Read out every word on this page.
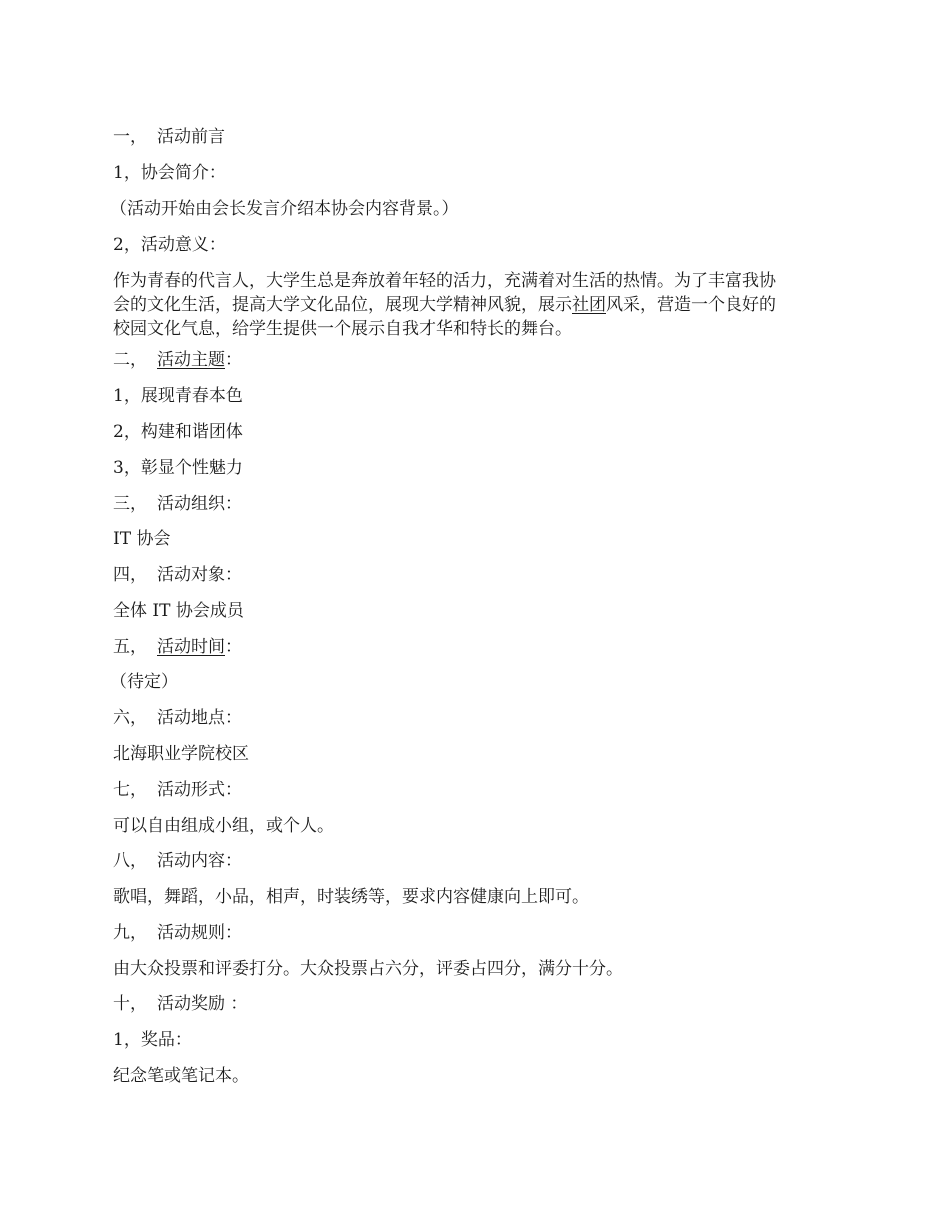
一， 活动前言

1，协会简介：

（活动开始由会长发言介绍本协会内容背景。）

2，活动意义：

作为青春的代言人，大学生总是奔放着年轻的活力，充满着对生活的热情。为了丰富我协
会的文化生活，提高大学文化品位，展现大学精神风貌，展示社团风采，营造一个良好的
校园文化气息，给学生提供一个展示自我才华和特长的舞台。

二， 活动主题：

1，展现青春本色

2，构建和谐团体

3，彰显个性魅力

三， 活动组织：

IT 协会

四， 活动对象：

全体 IT 协会成员

五， 活动时间：

（待定）

六， 活动地点：

北海职业学院校区

七， 活动形式：

可以自由组成小组，或个人。

八， 活动内容：

歌唱，舞蹈，小品，相声，时装绣等，要求内容健康向上即可。

九， 活动规则：

由大众投票和评委打分。大众投票占六分，评委占四分，满分十分。

十， 活动奖励 ：

1，奖品：

纪念笔或笔记本。
